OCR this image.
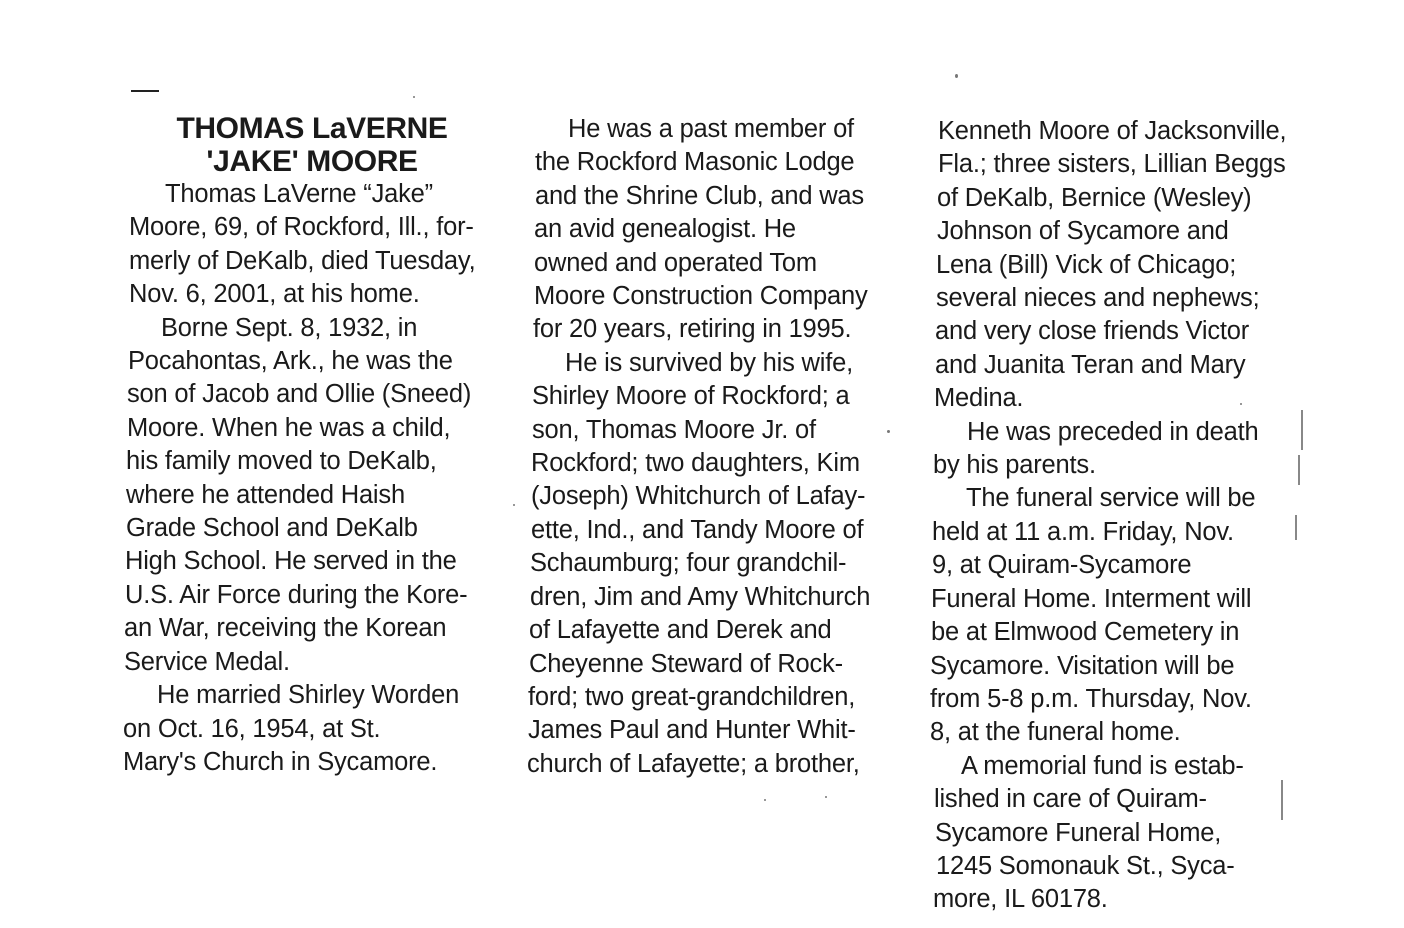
THOMAS LaVERNE
'JAKE' MOORE

Thomas LaVerne “Jake”
Moore, 69, of Rockford, Ill., for-
merly of DeKalb, died Tuesday,
Nov. 6, 2001, at his home.

Borne Sept. 8, 1932, in
Pocahontas, Ark., he was the
son of Jacob and Ollie (Sneed)
Moore. When he was a child,
his family moved to DeKalb,
where he attended Haish
Grade School and DeKalb
High School. He served in the
U.S. Air Force during the Kore-
an War, receiving the Korean
Service Medal.

He married Shirley Worden
on Oct. 16, 1954, at St.
Mary's Church in Sycamore.

He was a past member of
the Rockford Masonic Lodge
and the Shrine Club, and was
an avid genealogist. He
owned and operated Tom
Moore Construction Company
for 20 years, retiring in 1995.

He is survived by his wife,
Shirley Moore of Rockford; a
son, Thomas Moore Jr. of
Rockford; two daughters, Kim
(Joseph) Whitchurch of Lafay-
ette, Ind., and Tandy Moore of
Schaumburg; four grandchil-
dren, Jim and Amy Whitchurch
of Lafayette and Derek and
Cheyenne Steward of Rock-
ford; two great-grandchildren,
James Paul and Hunter Whit-
church of Lafayette; a brother,

Kenneth Moore of Jacksonville,
Fla.; three sisters, Lillian Beggs
of DeKalb, Bernice (Wesley)
Johnson of Sycamore and
Lena (Bill) Vick of Chicago;
several nieces and nephews;
and very close friends Victor
and Juanita Teran and Mary
Medina.

He was preceded in death
by his parents.

The funeral service will be
held at 11 a.m. Friday, Nov.
9, at Quiram-Sycamore
Funeral Home. Interment will
be at Elmwood Cemetery in
Sycamore. Visitation will be
from 5-8 p.m. Thursday, Nov.
8, at the funeral home.

A memorial fund is estab-
lished in care of Quiram-
Sycamore Funeral Home,
1245 Somonauk St., Syca-
more, IL 60178.
